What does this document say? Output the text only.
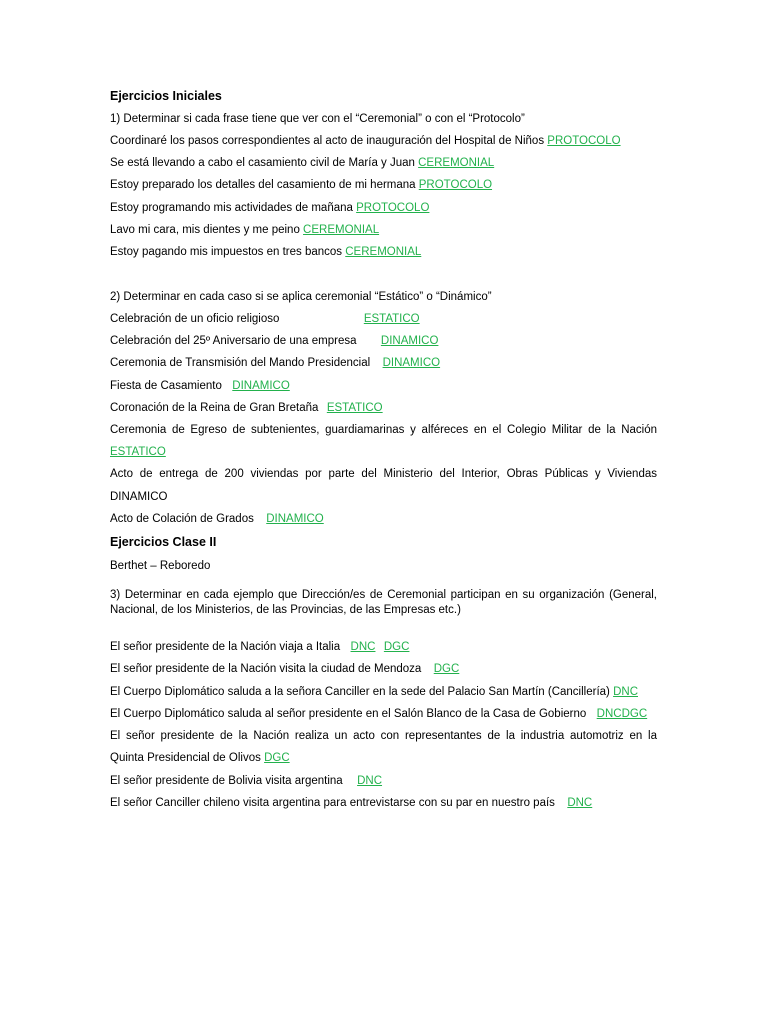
Ejercicios Iniciales
1) Determinar si cada frase tiene que ver con el “Ceremonial” o con el “Protocolo”
Coordinaré los pasos correspondientes al acto de inauguración del Hospital de Niños PROTOCOLO
Se está llevando a cabo el casamiento civil de María y Juan CEREMONIAL
Estoy preparado los detalles del casamiento de mi hermana PROTOCOLO
Estoy programando mis actividades de mañana PROTOCOLO
Lavo mi cara, mis dientes y me peino CEREMONIAL
Estoy pagando mis impuestos en tres bancos CEREMONIAL
2) Determinar en cada caso si se aplica ceremonial “Estático” o “Dinámico”
Celebración de un oficio religioso	ESTATICO
Celebración del 25º Aniversario de una empresa DINAMICO
Ceremonia de Transmisión del Mando Presidencial DINAMICO
Fiesta de Casamiento DINAMICO
Coronación de la Reina de Gran Bretaña ESTATICO
Ceremonia de Egreso de subtenientes, guardiamarinas y alféreces en el Colegio Militar de la Nación
ESTATICO
Acto de entrega de 200 viviendas por parte del Ministerio del Interior, Obras Públicas y Viviendas
DINAMICO
Acto de Colación de Grados DINAMICO
Ejercicios Clase II
Berthet – Reboredo
3) Determinar en cada ejemplo que Dirección/es de Ceremonial participan en su organización (General,
Nacional, de los Ministerios, de las Provincias, de las Empresas etc.)
El señor presidente de la Nación viaja a Italia DNC DGC
El señor presidente de la Nación visita la ciudad de Mendoza DGC
El Cuerpo Diplomático saluda a la señora Canciller en la sede del Palacio San Martín (Cancillería) DNC
El Cuerpo Diplomático saluda al señor presidente en el Salón Blanco de la Casa de Gobierno DNCDGC
El señor presidente de la Nación realiza un acto con representantes de la industria automotriz en la
Quinta Presidencial de Olivos DGC
El señor presidente de Bolivia visita argentina DNC
El señor Canciller chileno visita argentina para entrevistarse con su par en nuestro país DNC
